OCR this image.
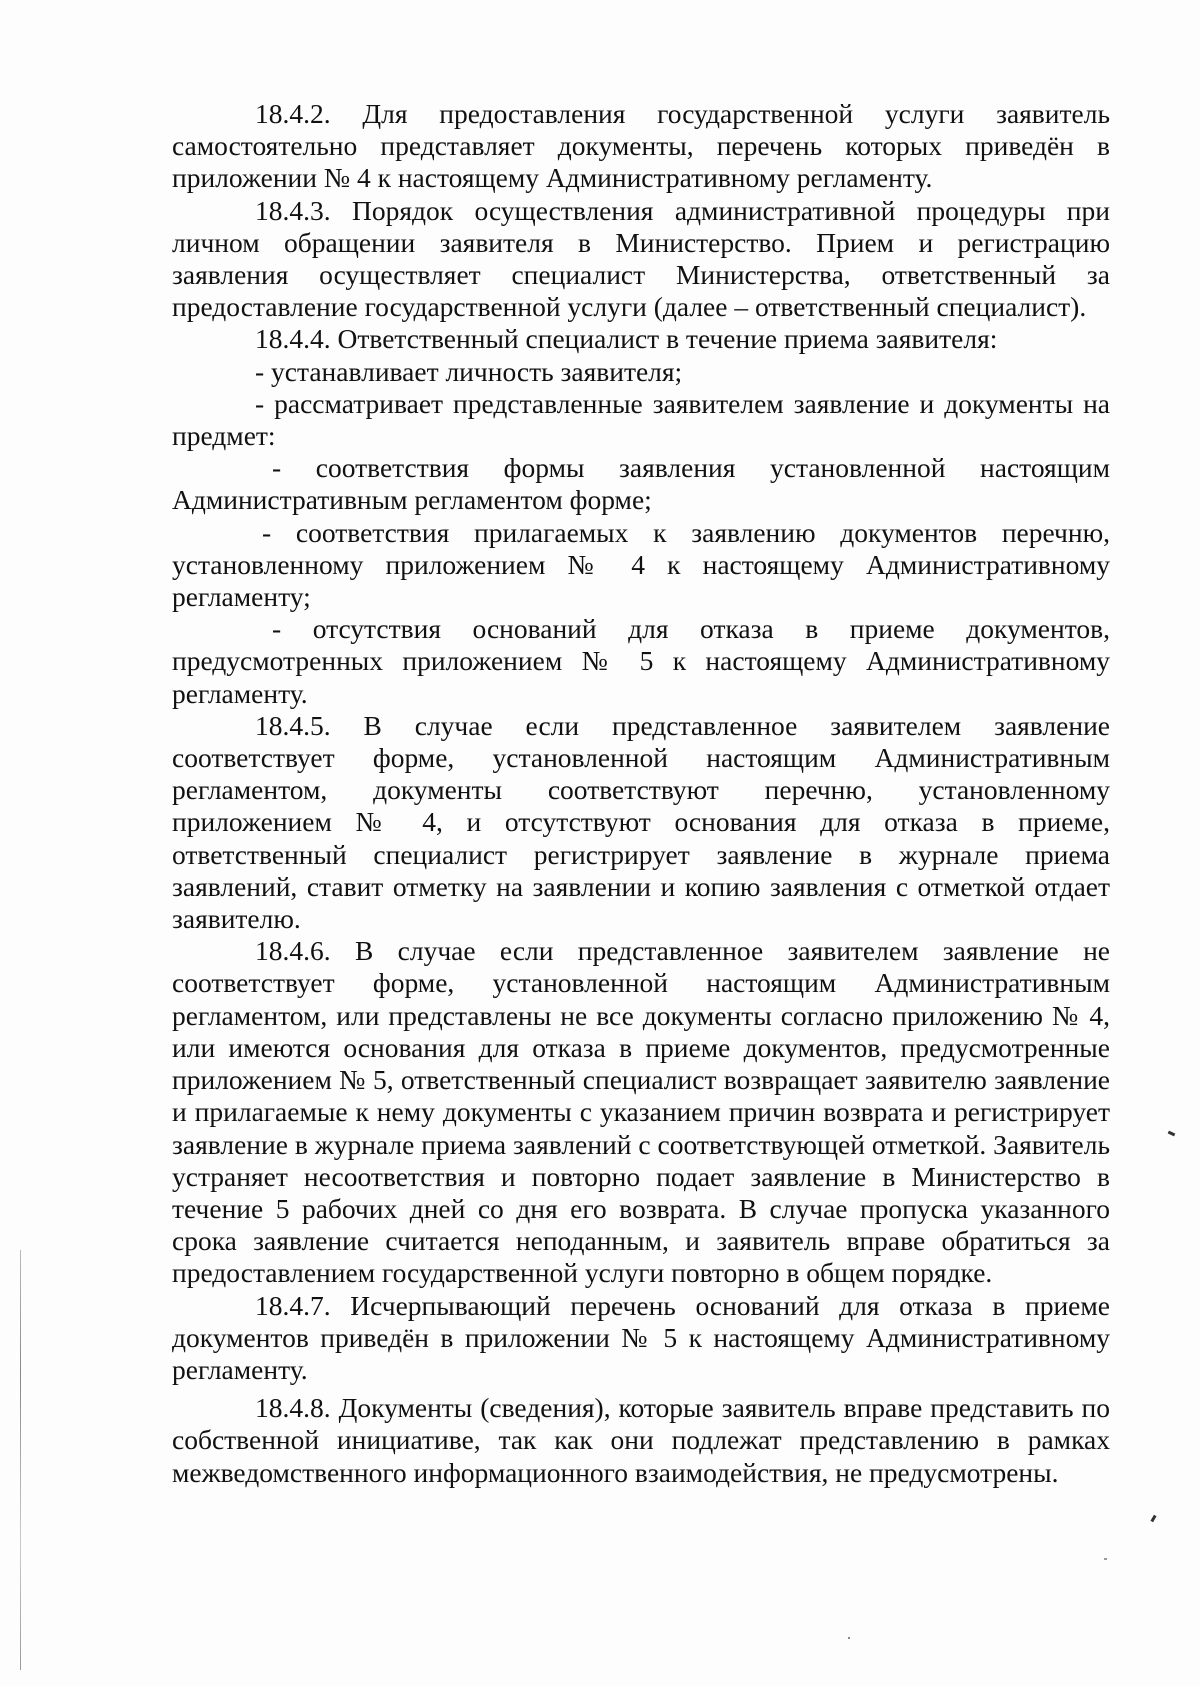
18.4.2. Для предоставления государственной услуги заявитель самостоятельно представляет документы, перечень которых приведён в приложении № 4 к настоящему Административному регламенту.

18.4.3. Порядок осуществления административной процедуры при личном обращении заявителя в Министерство. Прием и регистрацию заявления осуществляет специалист Министерства, ответственный за предоставление государственной услуги (далее – ответственный специалист).

18.4.4. Ответственный специалист в течение приема заявителя:

- устанавливает личность заявителя;

- рассматривает представленные заявителем заявление и документы на предмет:

- соответствия формы заявления установленной настоящим Административным регламентом форме;

- соответствия прилагаемых к заявлению документов перечню, установленному приложением № 4 к настоящему Административному регламенту;

- отсутствия оснований для отказа в приеме документов, предусмотренных приложением № 5 к настоящему Административному регламенту.

18.4.5. В случае если представленное заявителем заявление соответствует форме, установленной настоящим Административным регламентом, документы соответствуют перечню, установленному приложением № 4, и отсутствуют основания для отказа в приеме, ответственный специалист регистрирует заявление в журнале приема заявлений, ставит отметку на заявлении и копию заявления с отметкой отдает заявителю.

18.4.6. В случае если представленное заявителем заявление не соответствует форме, установленной настоящим Административным регламентом, или представлены не все документы согласно приложению № 4, или имеются основания для отказа в приеме документов, предусмотренные приложением № 5, ответственный специалист возвращает заявителю заявление и прилагаемые к нему документы с указанием причин возврата и регистрирует заявление в журнале приема заявлений с соответствующей отметкой. Заявитель устраняет несоответствия и повторно подает заявление в Министерство в течение 5 рабочих дней со дня его возврата. В случае пропуска указанного срока заявление считается неподанным, и заявитель вправе обратиться за предоставлением государственной услуги повторно в общем порядке.

18.4.7. Исчерпывающий перечень оснований для отказа в приеме документов приведён в приложении № 5 к настоящему Административному регламенту.

18.4.8. Документы (сведения), которые заявитель вправе представить по собственной инициативе, так как они подлежат представлению в рамках межведомственного информационного взаимодействия, не предусмотрены.
